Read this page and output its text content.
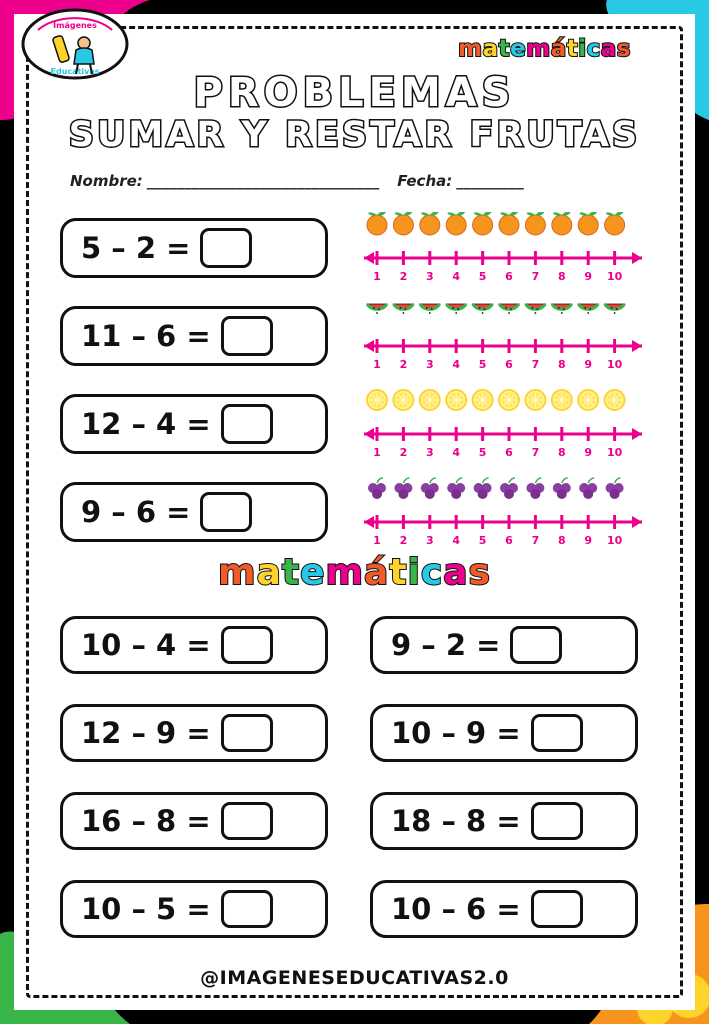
Imágenes
Educativas
matemáticas
PROBLEMAS
SUMAR Y RESTAR FRUTAS
Nombre: _______________________________ Fecha: _________
5 – 2 =
1 2 3 4 5 6 7 8 9 10
11 – 6 =
1 2 3 4 5 6 7 8 9 10
12 – 4 =
1 2 3 4 5 6 7 8 9 10
9 – 6 =
1 2 3 4 5 6 7 8 9 10
matemáticas
10 – 4 =	9 – 2 =
12 – 9 =	10 – 9 =
16 – 8 =	18 – 8 =
10 – 5 =	10 – 6 =
@IMAGENESEDUCATIVAS2.0
